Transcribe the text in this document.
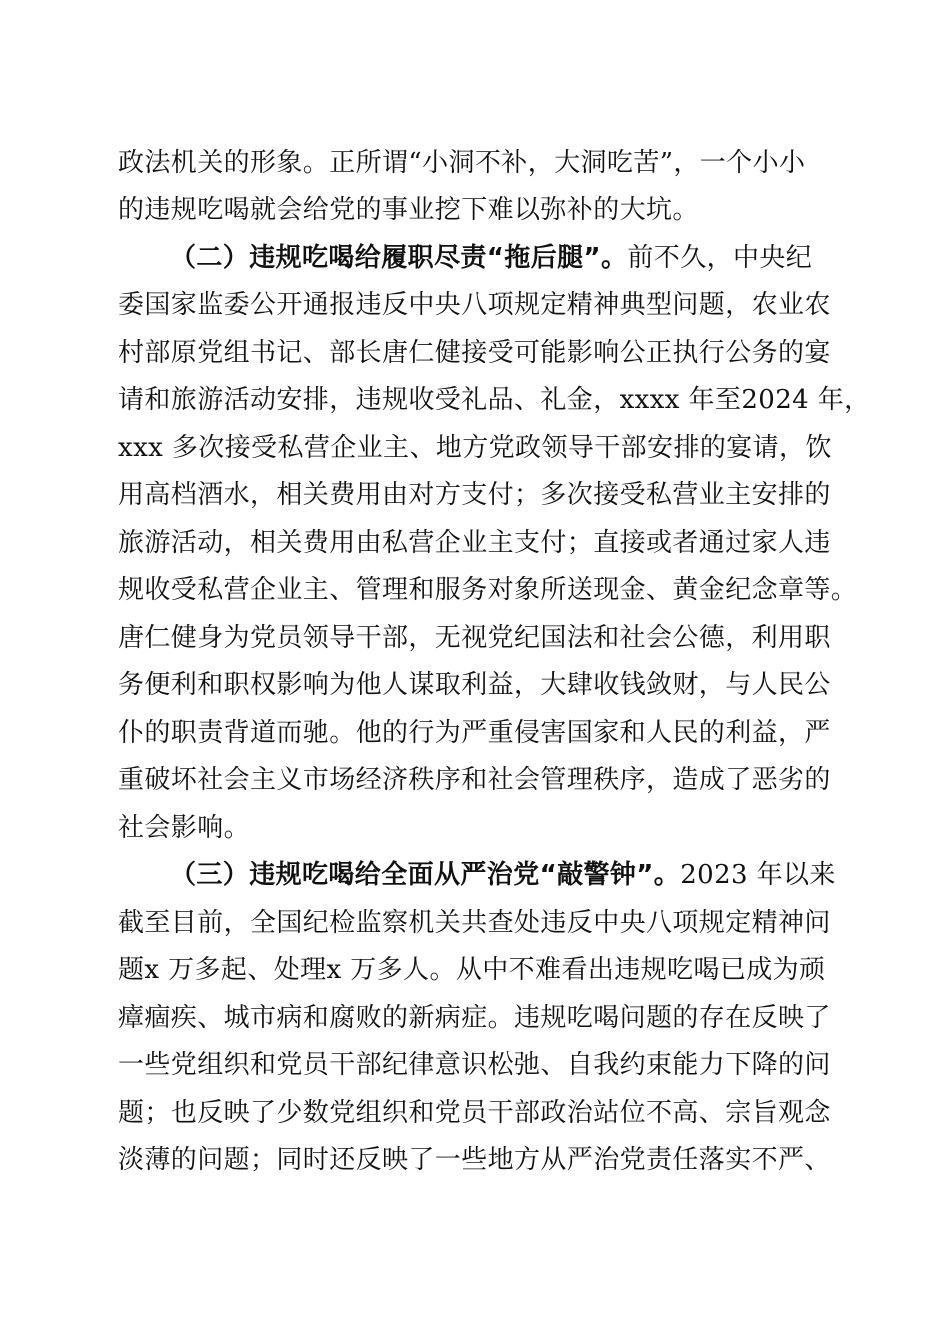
政法机关的形象。正所谓“小洞不补，大洞吃苦”，一个小小
的违规吃喝就会给党的事业挖下难以弥补的大坑。
（二）违规吃喝给履职尽责“拖后腿”。前不久，中央纪
委国家监委公开通报违反中央八项规定精神典型问题，农业农
村部原党组书记、部长唐仁健接受可能影响公正执行公务的宴
请和旅游活动安排，违规收受礼品、礼金，xxxx 年至2024 年，
xxx 多次接受私营企业主、地方党政领导干部安排的宴请，饮
用高档酒水，相关费用由对方支付；多次接受私营业主安排的
旅游活动，相关费用由私营企业主支付；直接或者通过家人违
规收受私营企业主、管理和服务对象所送现金、黄金纪念章等。
唐仁健身为党员领导干部，无视党纪国法和社会公德，利用职
务便利和职权影响为他人谋取利益，大肆收钱敛财，与人民公
仆的职责背道而驰。他的行为严重侵害国家和人民的利益，严
重破坏社会主义市场经济秩序和社会管理秩序，造成了恶劣的
社会影响。
（三）违规吃喝给全面从严治党“敲警钟”。2023 年以来
截至目前，全国纪检监察机关共查处违反中央八项规定精神问
题x 万多起、处理x 万多人。从中不难看出违规吃喝已成为顽
瘴痼疾、城市病和腐败的新病症。违规吃喝问题的存在反映了
一些党组织和党员干部纪律意识松弛、自我约束能力下降的问
题；也反映了少数党组织和党员干部政治站位不高、宗旨观念
淡薄的问题；同时还反映了一些地方从严治党责任落实不严、
